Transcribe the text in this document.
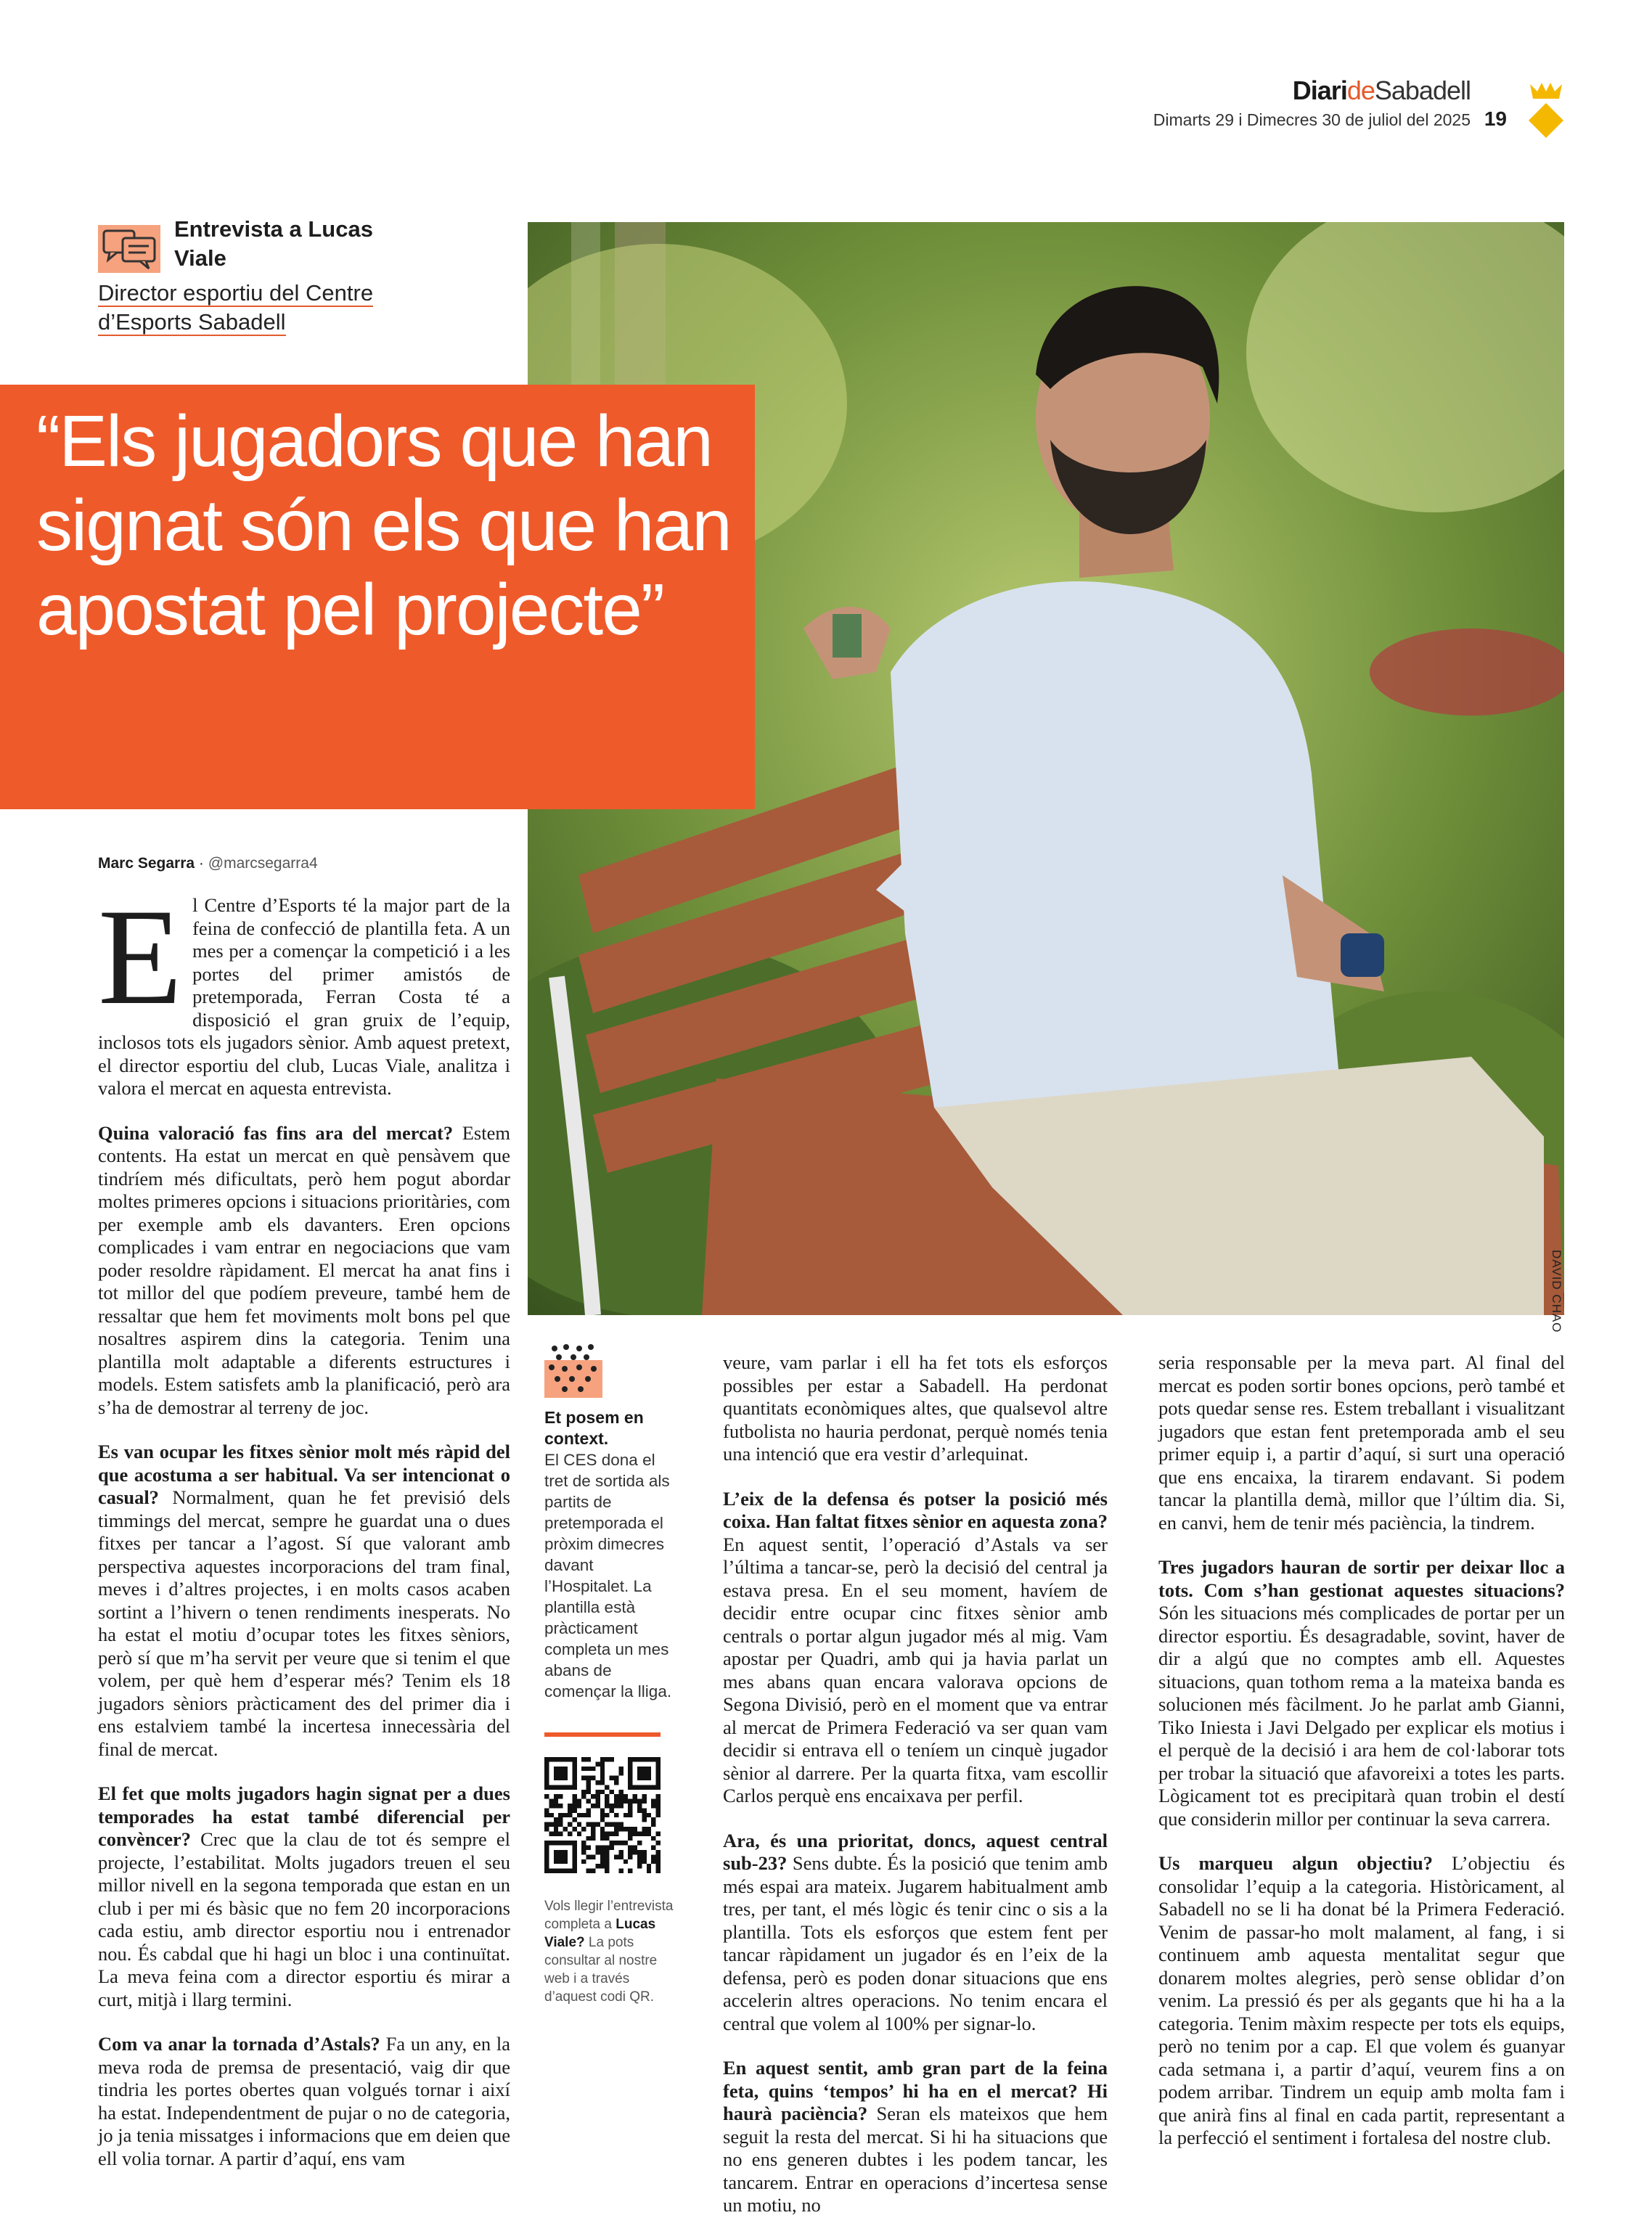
DiarideSabadell
Dimarts 29 i Dimecres 30 de juliol del 2025 19
DAVID CHAO
Entrevista a Lucas Viale
Director esportiu del Centre d’Esports Sabadell

“Els jugadors que han signat són els que han apostat pel projecte”

Marc Segarra · @marcsegarra4

El Centre d’Esports té la major part de la feina de confecció de plantilla feta. A un mes per a començar la competició i a les portes del primer amistós de pretemporada, Ferran Costa té a disposició el gran gruix de l’equip, inclosos tots els jugadors sènior. Amb aquest pretext, el director esportiu del club, Lucas Viale, analitza i valora el mercat en aquesta entrevista.

Quina valoració fas fins ara del mercat? Estem contents. Ha estat un mercat en què pensàvem que tindríem més dificultats, però hem pogut abordar moltes primeres opcions i situacions prioritàries, com per exemple amb els davanters. Eren opcions complicades i vam entrar en negociacions que vam poder resoldre ràpidament. El mercat ha anat fins i tot millor del que podíem preveure, també hem de ressaltar que hem fet moviments molt bons pel que nosaltres aspirem dins la categoria. Tenim una plantilla molt adaptable a diferents estructures i models. Estem satisfets amb la planificació, però ara s’ha de demostrar al terreny de joc.

Es van ocupar les fitxes sènior molt més ràpid del que acostuma a ser habitual. Va ser intencionat o casual? Normalment, quan he fet previsió dels timmings del mercat, sempre he guardat una o dues fitxes per tancar a l’agost. Sí que valorant amb perspectiva aquestes incorporacions del tram final, meves i d’altres projectes, i en molts casos acaben sortint a l’hivern o tenen rendiments inesperats. No ha estat el motiu d’ocupar totes les fitxes sèniors, però sí que m’ha servit per veure que si tenim el que volem, per què hem d’esperar més? Tenim els 18 jugadors sèniors pràcticament des del primer dia i ens estalviem també la incertesa innecessària del final de mercat.

El fet que molts jugadors hagin signat per a dues temporades ha estat també diferencial per convèncer? Crec que la clau de tot és sempre el projecte, l’estabilitat. Molts jugadors treuen el seu millor nivell en la segona temporada que estan en un club i per mi és bàsic que no fem 20 incorporacions cada estiu, amb director esportiu nou i entrenador nou. És cabdal que hi hagi un bloc i una continuïtat. La meva feina com a director esportiu és mirar a curt, mitjà i llarg termini.

Com va anar la tornada d’Astals? Fa un any, en la meva roda de premsa de presentació, vaig dir que tindria les portes obertes quan volgués tornar i així ha estat. Independentment de pujar o no de categoria, jo ja tenia missatges i informacions que em deien que ell volia tornar. A partir d’aquí, ens vam

Et posem en context.
El CES dona el tret de sortida als partits de pretemporada el pròxim dimecres davant l’Hospitalet. La plantilla està pràcticament completa un mes abans de començar la lliga.
Vols llegir l’entrevista completa a Lucas Viale? La pots consultar al nostre web i a través d’aquest codi QR.

veure, vam parlar i ell ha fet tots els esforços possibles per estar a Sabadell. Ha perdonat quantitats econòmiques altes, que qualsevol altre futbolista no hauria perdonat, perquè només tenia una intenció que era vestir d’arlequinat.

L’eix de la defensa és potser la posició més coixa. Han faltat fitxes sènior en aquesta zona? En aquest sentit, l’operació d’Astals va ser l’última a tancar-se, però la decisió del central ja estava presa. En el seu moment, havíem de decidir entre ocupar cinc fitxes sènior amb centrals o portar algun jugador més al mig. Vam apostar per Quadri, amb qui ja havia parlat un mes abans quan encara valorava opcions de Segona Divisió, però en el moment que va entrar al mercat de Primera Federació va ser quan vam decidir si entrava ell o teníem un cinquè jugador sènior al darrere. Per la quarta fitxa, vam escollir Carlos perquè ens encaixava per perfil.

Ara, és una prioritat, doncs, aquest central sub-23? Sens dubte. És la posició que tenim amb més espai ara mateix. Jugarem habitualment amb tres, per tant, el més lògic és tenir cinc o sis a la plantilla. Tots els esforços que estem fent per tancar ràpidament un jugador és en l’eix de la defensa, però es poden donar situacions que ens accelerin altres operacions. No tenim encara el central que volem al 100% per signar-lo.

En aquest sentit, amb gran part de la feina feta, quins ‘tempos’ hi ha en el mercat? Hi haurà paciència? Seran els mateixos que hem seguit la resta del mercat. Si hi ha situacions que no ens generen dubtes i les podem tancar, les tancarem. Entrar en operacions d’incertesa sense un motiu, no

seria responsable per la meva part. Al final del mercat es poden sortir bones opcions, però també et pots quedar sense res. Estem treballant i visualitzant jugadors que estan fent pretemporada amb el seu primer equip i, a partir d’aquí, si surt una operació que ens encaixa, la tirarem endavant. Si podem tancar la plantilla demà, millor que l’últim dia. Si, en canvi, hem de tenir més paciència, la tindrem.

Tres jugadors hauran de sortir per deixar lloc a tots. Com s’han gestionat aquestes situacions? Són les situacions més complicades de portar per un director esportiu. És desagradable, sovint, haver de dir a algú que no comptes amb ell. Aquestes situacions, quan tothom rema a la mateixa banda es solucionen més fàcilment. Jo he parlat amb Gianni, Tiko Iniesta i Javi Delgado per explicar els motius i el perquè de la decisió i ara hem de col·laborar tots per trobar la situació que afavoreixi a totes les parts. Lògicament tot es precipitarà quan trobin el destí que considerin millor per continuar la seva carrera.

Us marqueu algun objectiu? L’objectiu és consolidar l’equip a la categoria. Històricament, al Sabadell no se li ha donat bé la Primera Federació. Venim de passar-ho molt malament, al fang, i si continuem amb aquesta mentalitat segur que donarem moltes alegries, però sense oblidar d’on venim. La pressió és per als gegants que hi ha a la categoria. Tenim màxim respecte per tots els equips, però no tenim por a cap. El que volem és guanyar cada setmana i, a partir d’aquí, veurem fins a on podem arribar. Tindrem un equip amb molta fam i que anirà fins al final en cada partit, representant a la perfecció el sentiment i fortalesa del nostre club.
